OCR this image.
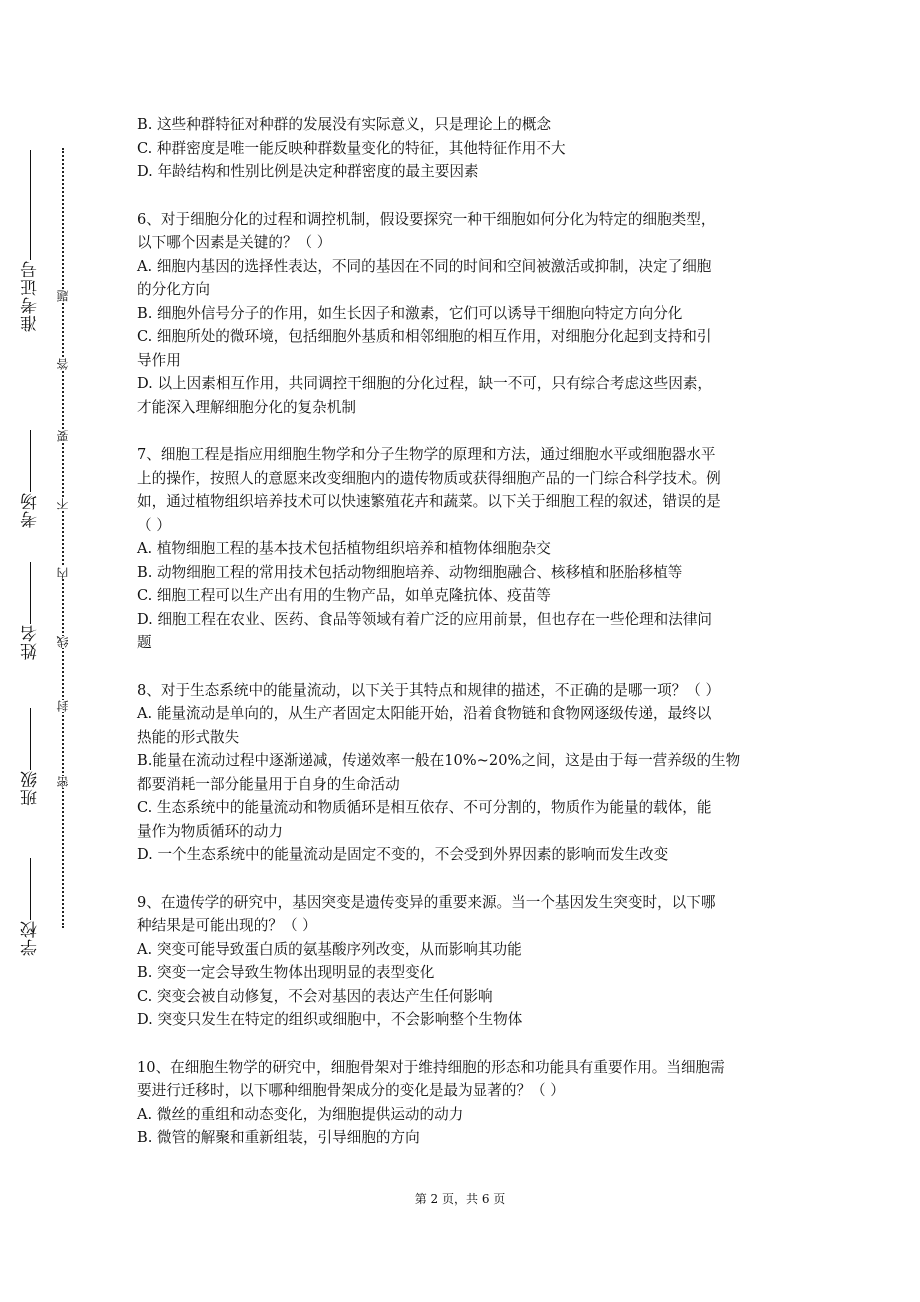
学校
班级
姓名
考场
准考证号
密
封
线
内
不
要
答
题

B. 这些种群特征对种群的发展没有实际意义，只是理论上的概念

C. 种群密度是唯一能反映种群数量变化的特征，其他特征作用不大

D. 年龄结构和性别比例是决定种群密度的最主要因素

6、对于细胞分化的过程和调控机制，假设要探究一种干细胞如何分化为特定的细胞类型，

以下哪个因素是关键的？（ ）

A. 细胞内基因的选择性表达，不同的基因在不同的时间和空间被激活或抑制，决定了细胞

的分化方向

B. 细胞外信号分子的作用，如生长因子和激素，它们可以诱导干细胞向特定方向分化

C. 细胞所处的微环境，包括细胞外基质和相邻细胞的相互作用，对细胞分化起到支持和引

导作用

D. 以上因素相互作用，共同调控干细胞的分化过程，缺一不可，只有综合考虑这些因素，

才能深入理解细胞分化的复杂机制

7、细胞工程是指应用细胞生物学和分子生物学的原理和方法，通过细胞水平或细胞器水平

上的操作，按照人的意愿来改变细胞内的遗传物质或获得细胞产品的一门综合科学技术。例

如，通过植物组织培养技术可以快速繁殖花卉和蔬菜。以下关于细胞工程的叙述，错误的是

（ ）

A. 植物细胞工程的基本技术包括植物组织培养和植物体细胞杂交

B. 动物细胞工程的常用技术包括动物细胞培养、动物细胞融合、核移植和胚胎移植等

C. 细胞工程可以生产出有用的生物产品，如单克隆抗体、疫苗等

D. 细胞工程在农业、医药、食品等领域有着广泛的应用前景，但也存在一些伦理和法律问

题

8、对于生态系统中的能量流动，以下关于其特点和规律的描述，不正确的是哪一项？（ ）

A. 能量流动是单向的，从生产者固定太阳能开始，沿着食物链和食物网逐级传递，最终以

热能的形式散失

B.能量在流动过程中逐渐递减，传递效率一般在10%~20%之间，这是由于每一营养级的生物

都要消耗一部分能量用于自身的生命活动

C. 生态系统中的能量流动和物质循环是相互依存、不可分割的，物质作为能量的载体，能

量作为物质循环的动力

D. 一个生态系统中的能量流动是固定不变的，不会受到外界因素的影响而发生改变

9、在遗传学的研究中，基因突变是遗传变异的重要来源。当一个基因发生突变时，以下哪

种结果是可能出现的？（ ）

A. 突变可能导致蛋白质的氨基酸序列改变，从而影响其功能

B. 突变一定会导致生物体出现明显的表型变化

C. 突变会被自动修复，不会对基因的表达产生任何影响

D. 突变只发生在特定的组织或细胞中，不会影响整个生物体

10、在细胞生物学的研究中，细胞骨架对于维持细胞的形态和功能具有重要作用。当细胞需

要进行迁移时，以下哪种细胞骨架成分的变化是最为显著的？（ ）

A. 微丝的重组和动态变化，为细胞提供运动的动力

B. 微管的解聚和重新组装，引导细胞的方向

第 2 页，共 6 页
